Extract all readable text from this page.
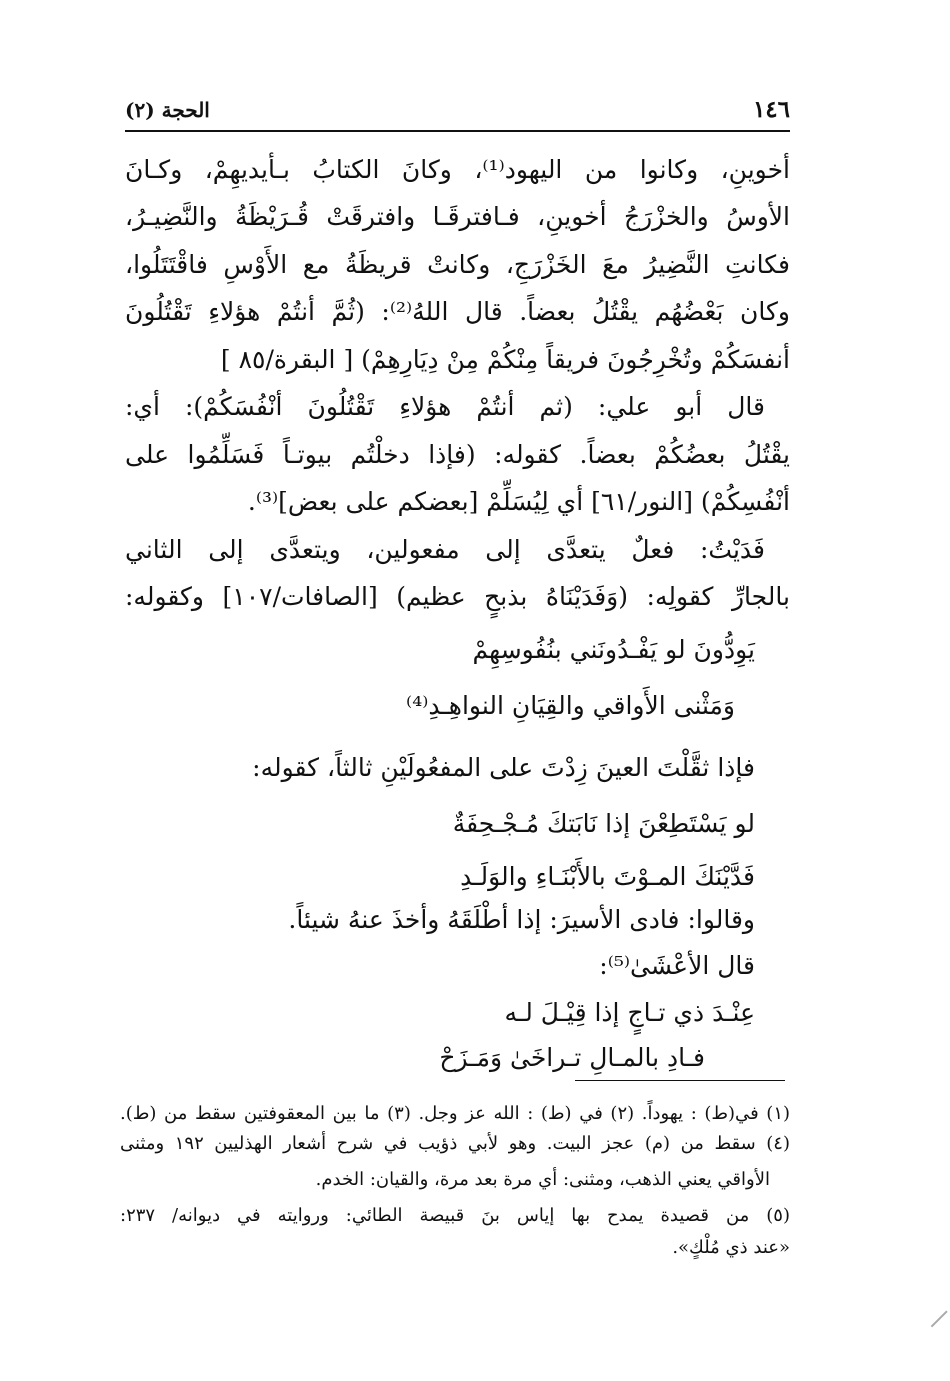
١٤٦
الحجة (٢)
أخوينِ، وكانوا من اليهود⁽¹⁾، وكانَ الكتابُ بـأيديهِمْ، وكـانَ
الأوسُ والخزْرَجُ أخوينِ، فـافترقَـا وافترقَتْ قُـرَيْظَةُ والنَّضِيـرُ،
فكانتِ النَّضِيرُ معَ الخَزْرَجِ، وكانتْ قريظَةُ مع الأَوْسِ فاقْتَتَلُوا،
وكان بَعْضُهُم يقْتُلُ بعضاً. قال اللهُ⁽²⁾: (ثُمَّ أنتُمْ هؤلاءِ تَقْتُلُونَ
أنفسَكُمْ وتُخْرِجُونَ فريقاً مِنْكُمْ مِنْ دِيَارِهِمْ) [ البقرة/٨٥ ]
قال أبو علي: (ثم أنتُمْ هؤلاءِ تَقْتُلُونَ أنْفُسَكُمْ): أي:
يقْتُلُ بعضُكُمْ بعضاً. كقوله: (فإذا دخلْتُم بيوتـاً فَسَلِّمُوا على
أنْفُسِكُمْ) [النور/٦١] أي لِيُسَلِّمْ [بعضكم على بعض]⁽³⁾.
فَدَيْتُ: فعلٌ يتعدَّى إلى مفعولين، ويتعدَّى إلى الثاني
بالجارِّ كقولِه: (وَفَدَيْنَاهُ بذبحٍ عظيم) [الصافات/١٠٧] وكقوله:
يَوِدُّونَ لو يَفْـدُونَني بنُفُوسِهِمْ
وَمَثْنى الأَواقي والقِيَانِ النواهِـدِ⁽⁴⁾
فإذا ثقَّلْتَ العينَ زِدْتَ على المفعُولَيْنِ ثالثاً، كقوله:
لو يَسْتَطِعْنَ إذا نَابَتكَ مُـجْـحِفَةٌ
فَدَّيْنَكَ المـوْتَ بالأَبْنَـاءِ والوَلَـدِ
وقالوا: فادى الأسيرَ: إذا أطْلَقَهُ وأخذَ عنهُ شيئاً.
قال الأعْشَىٰ⁽⁵⁾:
عِنْـدَ ذي تـاجٍ إذا قِيْـلَ لـه
فـادِ بالمـالِ تـراخَىٰ وَمَـزَحْ
(١) في(ط) : يهوداً. (٢) في (ط) : الله عز وجل. (٣) ما بين المعقوفتين سقط من (ط).
(٤) سقط من (م) عجز البيت. وهو لأبي ذؤيب في شرح أشعار الهذليين ١٩٢ ومثنى
الأواقي يعني الذهب، ومثنى: أي مرة بعد مرة، والقيان: الخدم.
(٥) من قصيدة يمدح بها إياس بنَ قبيصة الطائي: وروايته في ديوانه/ ٢٣٧:
«عند ذي مُلْكٍ».
